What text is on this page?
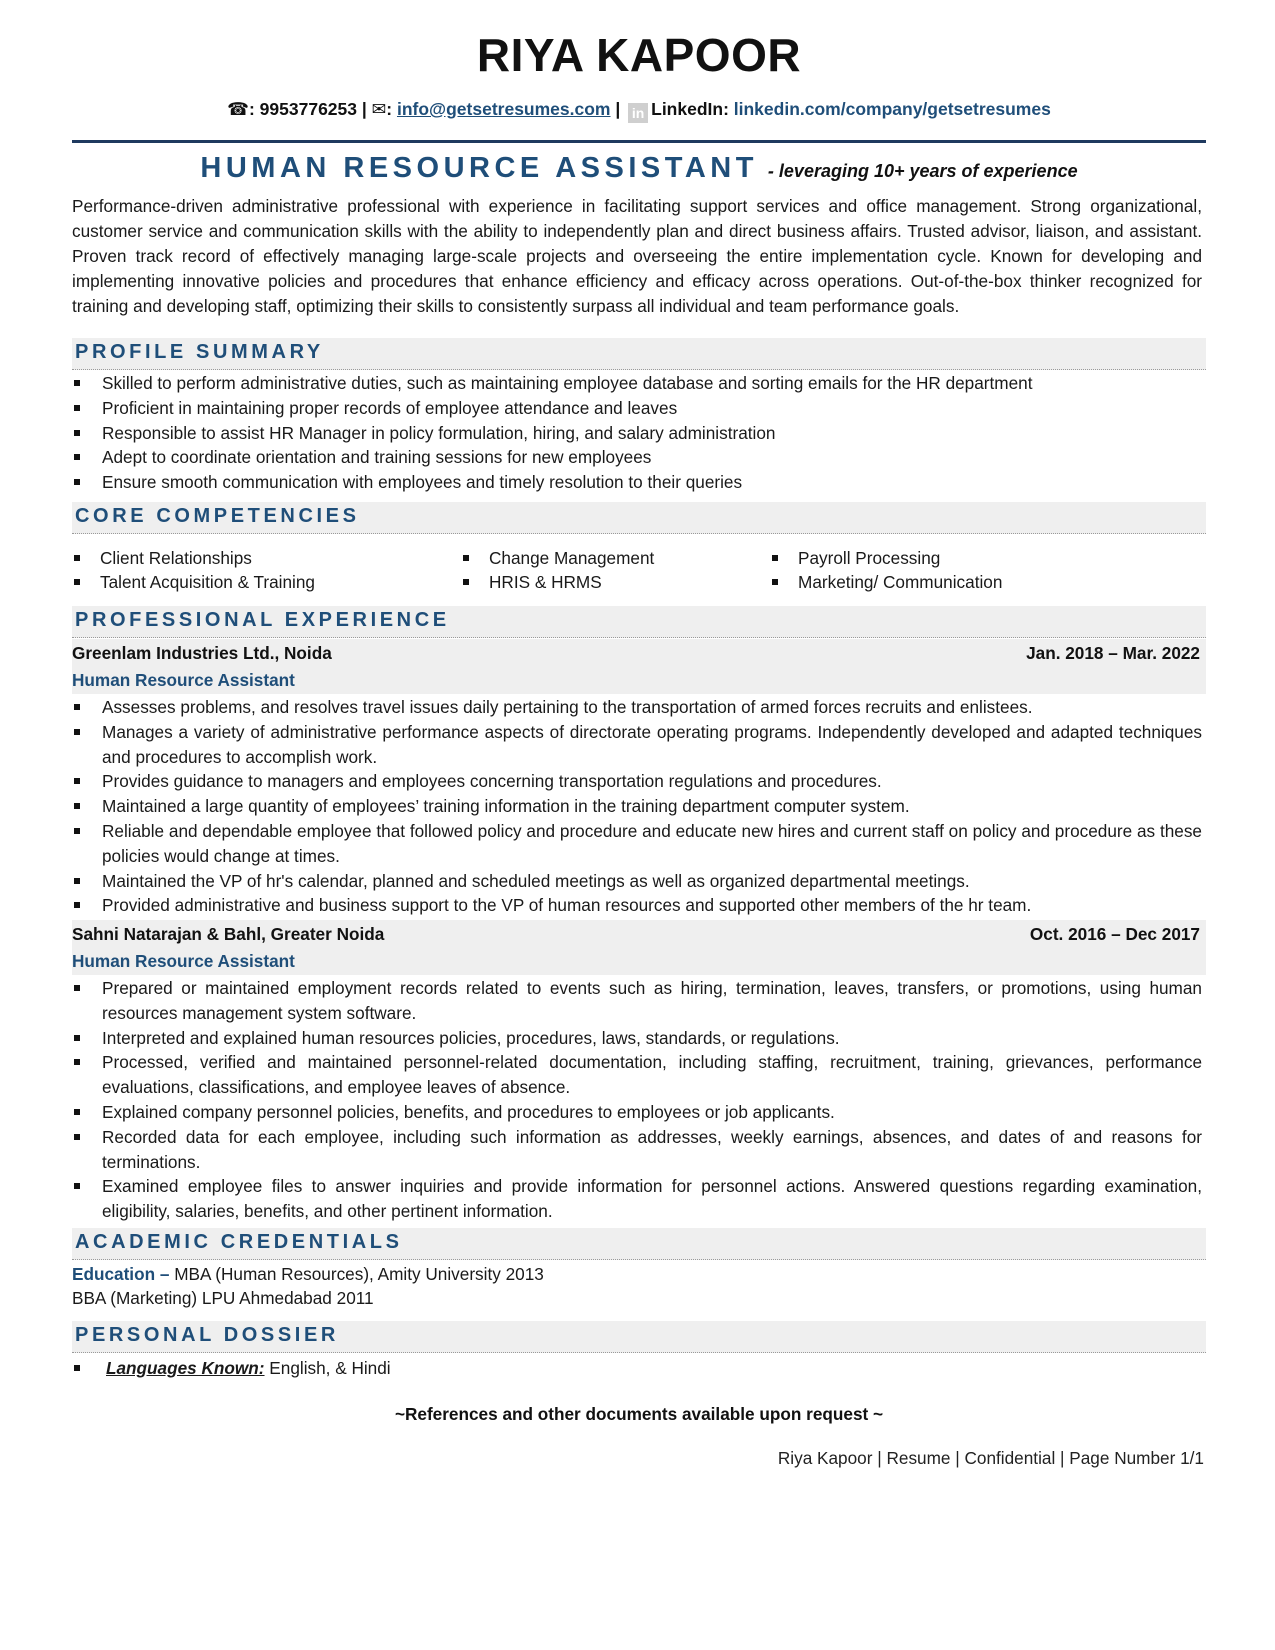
RIYA KAPOOR
☎: 9953776253 | ✉: info@getsetresumes.com | in LinkedIn: linkedin.com/company/getsetresumes
HUMAN RESOURCE ASSISTANT - leveraging 10+ years of experience

Performance-driven administrative professional with experience in facilitating support services and office management. Strong organizational, customer service and communication skills with the ability to independently plan and direct business affairs. Trusted advisor, liaison, and assistant. Proven track record of effectively managing large-scale projects and overseeing the entire implementation cycle. Known for developing and implementing innovative policies and procedures that enhance efficiency and efficacy across operations. Out-of-the-box thinker recognized for training and developing staff, optimizing their skills to consistently surpass all individual and team performance goals.

PROFILE SUMMARY
Skilled to perform administrative duties, such as maintaining employee database and sorting emails for the HR department
Proficient in maintaining proper records of employee attendance and leaves
Responsible to assist HR Manager in policy formulation, hiring, and salary administration
Adept to coordinate orientation and training sessions for new employees
Ensure smooth communication with employees and timely resolution to their queries
CORE COMPETENCIES
Client Relationships
Talent Acquisition & Training
Change Management
HRIS & HRMS
Payroll Processing
Marketing/ Communication
PROFESSIONAL EXPERIENCE
Greenlam Industries Ltd., Noida	Jan. 2018 – Mar. 2022
Human Resource Assistant
Assesses problems, and resolves travel issues daily pertaining to the transportation of armed forces recruits and enlistees.
Manages a variety of administrative performance aspects of directorate operating programs. Independently developed and adapted techniques and procedures to accomplish work.
Provides guidance to managers and employees concerning transportation regulations and procedures.
Maintained a large quantity of employees’ training information in the training department computer system.
Reliable and dependable employee that followed policy and procedure and educate new hires and current staff on policy and procedure as these policies would change at times.
Maintained the VP of hr's calendar, planned and scheduled meetings as well as organized departmental meetings.
Provided administrative and business support to the VP of human resources and supported other members of the hr team.
Sahni Natarajan & Bahl, Greater Noida	Oct. 2016 – Dec 2017
Human Resource Assistant
Prepared or maintained employment records related to events such as hiring, termination, leaves, transfers, or promotions, using human resources management system software.
Interpreted and explained human resources policies, procedures, laws, standards, or regulations.
Processed, verified and maintained personnel-related documentation, including staffing, recruitment, training, grievances, performance evaluations, classifications, and employee leaves of absence.
Explained company personnel policies, benefits, and procedures to employees or job applicants.
Recorded data for each employee, including such information as addresses, weekly earnings, absences, and dates of and reasons for terminations.
Examined employee files to answer inquiries and provide information for personnel actions. Answered questions regarding examination, eligibility, salaries, benefits, and other pertinent information.
ACADEMIC CREDENTIALS
Education – MBA (Human Resources), Amity University 2013
BBA (Marketing) LPU Ahmedabad 2011
PERSONAL DOSSIER
Languages Known: English, & Hindi
~References and other documents available upon request ~
Riya Kapoor | Resume | Confidential | Page Number 1/1
